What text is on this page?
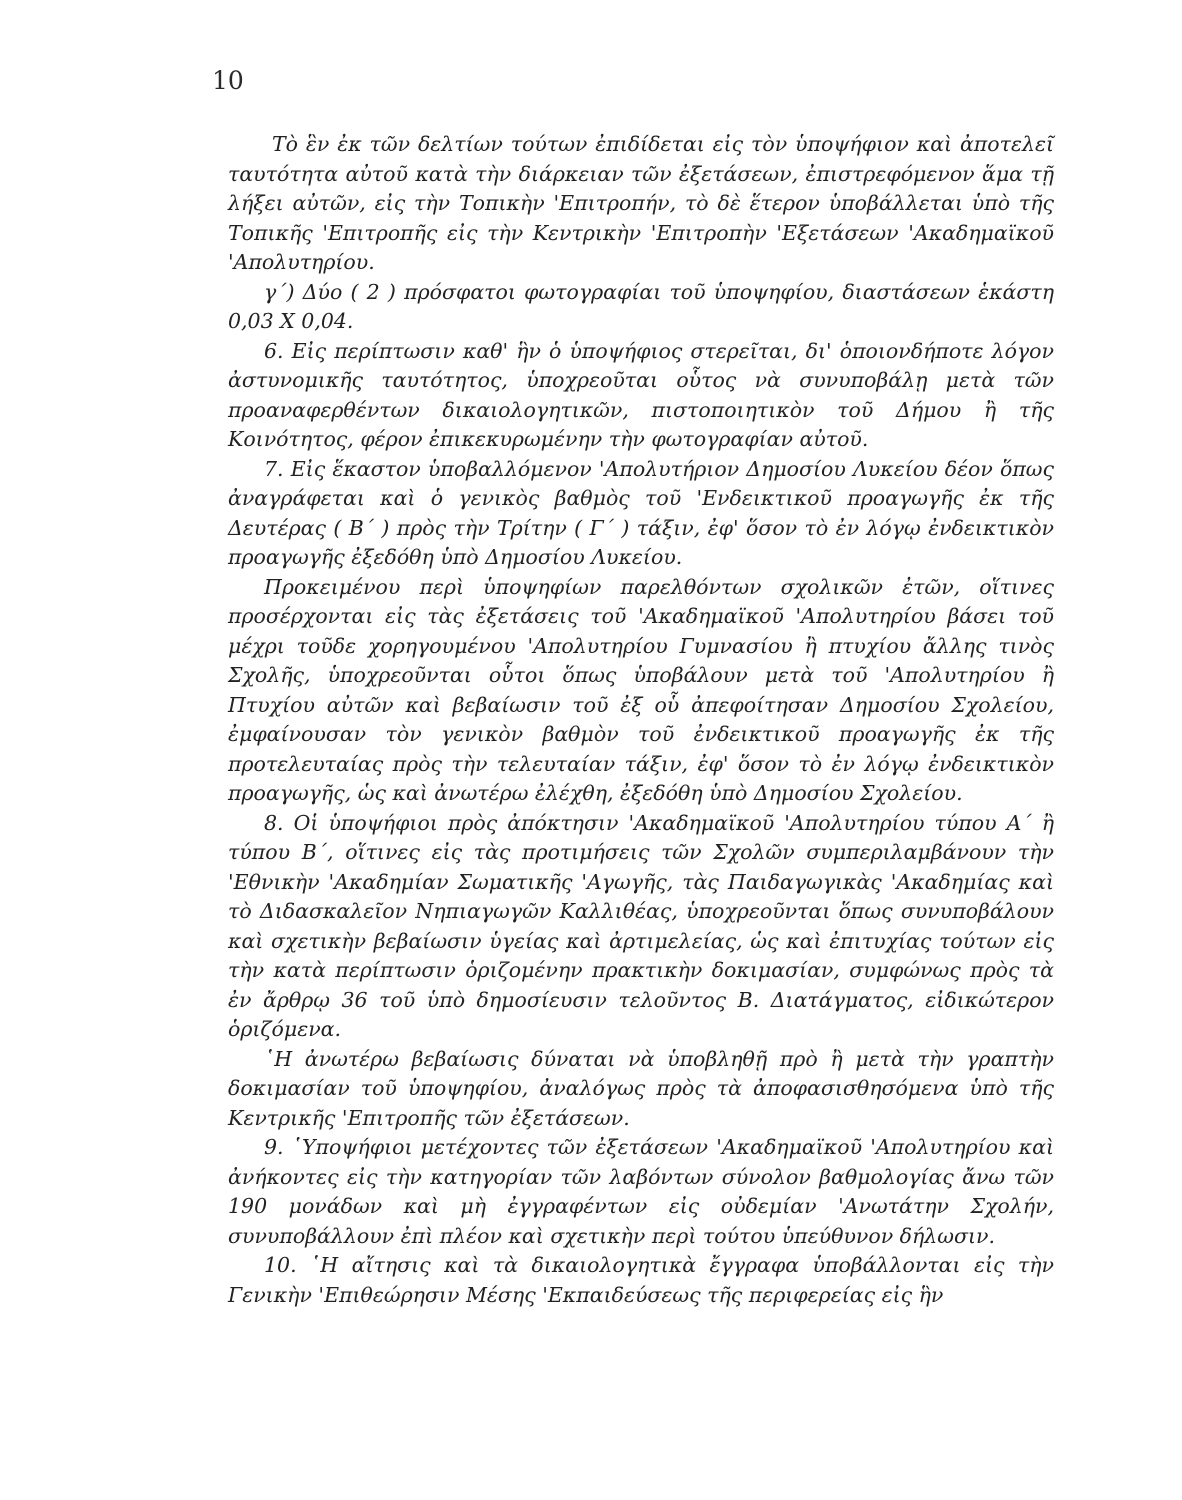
10

Τὸ ἓν ἐκ τῶν δελτίων τούτων ἐπιδίδεται εἰς τὸν ὑποψήφιον καὶ ἀποτελεῖ ταυτότητα αὐτοῦ κατὰ τὴν διάρκειαν τῶν ἐξετάσεων, ἐπιστρεφόμενον ἅμα τῇ λήξει αὐτῶν, εἰς τὴν Τοπικὴν 'Επιτροπήν, τὸ δὲ ἕτερον ὑποβάλλεται ὑπὸ τῆς Τοπικῆς 'Επιτροπῆς εἰς τὴν Κεντρικὴν 'Επιτροπὴν 'Εξετάσεων 'Ακαδημαϊκοῦ 'Απολυτηρίου.

γ΄) Δύο ( 2 ) πρόσφατοι φωτογραφίαι τοῦ ὑποψηφίου, διαστάσεων ἑκάστη 0,03 Χ 0,04.

6. Εἰς περίπτωσιν καθ' ἣν ὁ ὑποψήφιος στερεῖται, δι' ὁποιονδήποτε λόγον ἀστυνομικῆς ταυτότητος, ὑποχρεοῦται οὗτος νὰ συνυποβάλῃ μετὰ τῶν προαναφερθέντων δικαιολογητικῶν, πιστοποιητικὸν τοῦ Δήμου ἢ τῆς Κοινότητος, φέρον ἐπικεκυρωμένην τὴν φωτογραφίαν αὐτοῦ.

7. Εἰς ἕκαστον ὑποβαλλόμενον 'Απολυτήριον Δημοσίου Λυκείου δέον ὅπως ἀναγράφεται καὶ ὁ γενικὸς βαθμὸς τοῦ 'Ενδεικτικοῦ προαγωγῆς ἐκ τῆς Δευτέρας ( Β΄ ) πρὸς τὴν Τρίτην ( Γ΄ ) τάξιν, ἐφ' ὅσον τὸ ἐν λόγῳ ἐνδεικτικὸν προαγωγῆς ἐξεδόθη ὑπὸ Δημοσίου Λυκείου.

Προκειμένου περὶ ὑποψηφίων παρελθόντων σχολικῶν ἐτῶν, οἵτινες προσέρχονται εἰς τὰς ἐξετάσεις τοῦ 'Ακαδημαϊκοῦ 'Απολυτηρίου βάσει τοῦ μέχρι τοῦδε χορηγουμένου 'Απολυτηρίου Γυμνασίου ἢ πτυχίου ἄλλης τινὸς Σχολῆς, ὑποχρεοῦνται οὗτοι ὅπως ὑποβάλουν μετὰ τοῦ 'Απολυτηρίου ἢ Πτυχίου αὐτῶν καὶ βεβαίωσιν τοῦ ἐξ οὗ ἀπεφοίτησαν Δημοσίου Σχολείου, ἐμφαίνουσαν τὸν γενικὸν βαθμὸν τοῦ ἐνδεικτικοῦ προαγωγῆς ἐκ τῆς προτελευταίας πρὸς τὴν τελευταίαν τάξιν, ἐφ' ὅσον τὸ ἐν λόγῳ ἐνδεικτικὸν προαγωγῆς, ὡς καὶ ἀνωτέρω ἐλέχθη, ἐξεδόθη ὑπὸ Δημοσίου Σχολείου.

8. Οἱ ὑποψήφιοι πρὸς ἀπόκτησιν 'Ακαδημαϊκοῦ 'Απολυτηρίου τύπου Α΄ ἢ τύπου Β΄, οἵτινες εἰς τὰς προτιμήσεις τῶν Σχολῶν συμπεριλαμβάνουν τὴν 'Εθνικὴν 'Ακαδημίαν Σωματικῆς 'Αγωγῆς, τὰς Παιδαγωγικὰς 'Ακαδημίας καὶ τὸ Διδασκαλεῖον Νηπιαγωγῶν Καλλιθέας, ὑποχρεοῦνται ὅπως συνυποβάλουν καὶ σχετικὴν βεβαίωσιν ὑγείας καὶ ἀρτιμελείας, ὡς καὶ ἐπιτυχίας τούτων εἰς τὴν κατὰ περίπτωσιν ὁριζομένην πρακτικὴν δοκιμασίαν, συμφώνως πρὸς τὰ ἐν ἄρθρῳ 36 τοῦ ὑπὸ δημοσίευσιν τελοῦντος Β. Διατάγματος, εἰδικώτερον ὁριζόμενα.

῾Η ἀνωτέρω βεβαίωσις δύναται νὰ ὑποβληθῇ πρὸ ἢ μετὰ τὴν γραπτὴν δοκιμασίαν τοῦ ὑποψηφίου, ἀναλόγως πρὸς τὰ ἀποφασισθησόμενα ὑπὸ τῆς Κεντρικῆς 'Επιτροπῆς τῶν ἐξετάσεων.

9. ῾Υποψήφιοι μετέχοντες τῶν ἐξετάσεων 'Ακαδημαϊκοῦ 'Απολυτηρίου καὶ ἀνήκοντες εἰς τὴν κατηγορίαν τῶν λαβόντων σύνολον βαθμολογίας ἄνω τῶν 190 μονάδων καὶ μὴ ἐγγραφέντων εἰς οὐδεμίαν 'Ανωτάτην Σχολήν, συνυποβάλλουν ἐπὶ πλέον καὶ σχετικὴν περὶ τούτου ὑπεύθυνον δήλωσιν.

10. ῾Η αἴτησις καὶ τὰ δικαιολογητικὰ ἔγγραφα ὑποβάλλονται εἰς τὴν Γενικὴν 'Επιθεώρησιν Μέσης 'Εκπαιδεύσεως τῆς περιφερείας εἰς ἣν
